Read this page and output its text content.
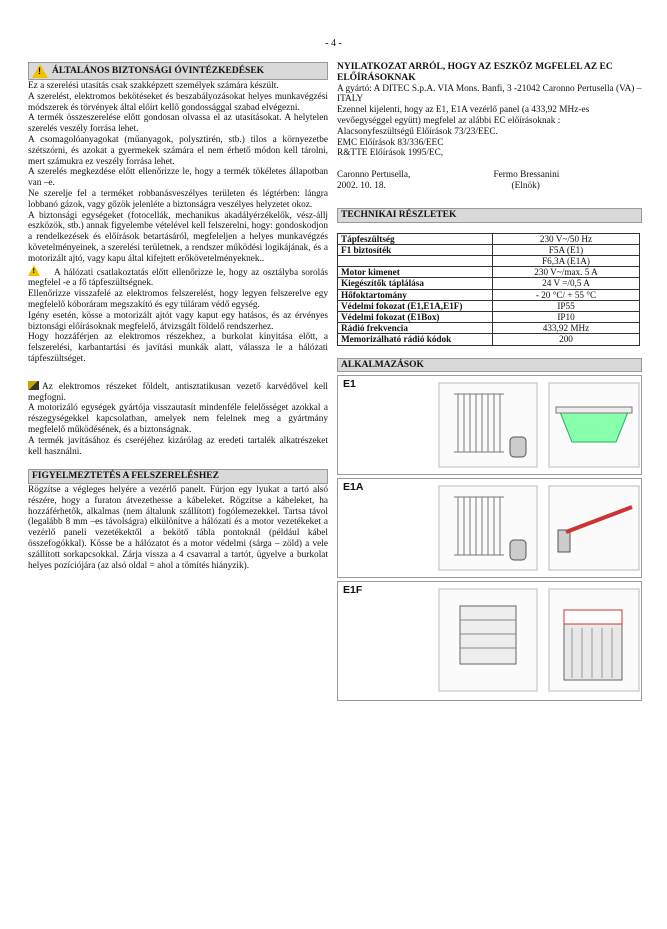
- 4 -
!
ÁLTALÁNOS BIZTONSÁGI ÓVINTÉZKEDÉSEK

Ez a szerelési utasítás csak szakképzett személyek számára készült.

A szerelést, elektromos bekötéseket és beszabályozásokat helyes munkavégzési módszerek és törvények által előírt kellő gondossággal szabad elvégezni.

A termék összeszerelése előtt gondosan olvassa el az utasításokat. A helytelen szerelés veszély forrása lehet.

A csomagolóanyagokat (műanyagok, polysztirén, stb.) tilos a környezetbe szétszórni, és azokat a gyermekek számára el nem érhető módon kell tárolni, mert számukra ez veszély forrása lehet.

A szerelés megkezdése előtt ellenőrizze le, hogy a termék tökéletes állapotban van –e.

Ne szerelje fel a terméket robbanásveszélyes területen és légtérben: lángra lobbanó gázok, vagy gőzök jelenléte a biztonságra veszélyes helyzetet okoz.

A biztonsági egységeket (fotocellák, mechanikus akadályérzékelők, vész-állj eszközök, stb.) annak figyelembe vételével kell felszerelni, hogy: gondoskodjon a rendelkezések és előírások betartásáról, megfeleljen a helyes munkavégzés követelményeinek, a szerelési területnek, a rendszer működési logikájának, és a motorizált ajtó, vagy kapu által kifejtett erőkövetelményeknek..

!A hálózati csatlakoztatás előtt ellenőrizze le, hogy az osztályba sorolás megfelel -e a fő tápfeszültségnek.

Ellenőrizze visszafelé az elektromos felszerelést, hogy legyen felszerelve egy megfelelő kóboráram megszakító és egy túláram védő egység.

Igény esetén, kösse a motorizált ajtót vagy kaput egy hatásos, és az érvényes biztonsági előírásoknak megfelelő, átvizsgált földelő rendszerhez.

Hogy hozzáférjen az elektromos részekhez, a burkolat kinyitása előtt, a felszerelési, karbantartási és javítási munkák alatt, válassza le a hálózati tápfeszültséget.

Az elektromos részeket földelt, antisztatikusan vezető karvédővel kell megfogni.

A motorizáló egységek gyártója visszautasít mindenféle felelősséget azokkal a részegységekkel kapcsolatban, amelyek nem felelnek meg a gyártmány megfelelő működésének, és a biztonságnak.

A termék javításához és cseréjéhez kizárólag az eredeti tartalék alkatrészeket kell használni.

FIGYELMEZTETÉS A FELSZERELÉSHEZ

Rögzítse a végleges helyére a vezérlő panelt. Fúrjon egy lyukat a tartó alsó részére, hogy a furaton átvezethesse a kábeleket. Rögzítse a kábeleket, ha hozzáférhetők, alkalmas (nem általunk szállított) fogólemezekkel. Tartsa távol (legalább 8 mm –es távolságra) elkülönítve a hálózati és a motor vezetékeket a vezérlő paneli vezetékektől a bekötő tábla pontoknál (például kábel összefogókkal). Kösse be a hálózatot és a motor védelmi (sárga – zöld) a vele szállított sorkapcsokkal. Zárja vissza a 4 csavarral a tartót, ügyelve a burkolat helyes pozíciójára (az alsó oldal = ahol a tömítés hiányzik).

NYILATKOZAT ARRÓL, HOGY AZ ESZKÖZ MGFELEL AZ EC ELŐÍRÁSOKNAK

A gyártó: A DITEC S.p.A. VIA Mons. Banfi, 3 -21042 Caronno Pertusella (VA) – ITALY

Ezennel kijelenti, hogy az E1, E1A vezérlő panel (a 433,92 MHz-es vevőegységgel együtt) megfelel az alábbi EC előírásoknak :

Alacsonyfeszültségű Előírások 73/23/EEC.

EMC Előírások 83/336/EEC

R&TTE Előírások 1995/EC,

Caronno Pertusella,
2002. 10. 18.
Fermo Bressanini
(Elnök)
TECHNIKAI RÉSZLETEK
Tápfeszültség	230 V~/50 Hz
F1 biztosíték	F5A (E1)
	F6,3A (E1A)
Motor kimenet	230 V~/max. 5 A
Kiegészítők táplálása	24 V =/0,5 A
Hőfoktartomány	- 20 °C/ + 55 °C
Védelmi fokozat (E1,E1A,E1F)	IP55
Védelmi fokozat (E1Box)	IP10
Rádió frekvencia	433,92 MHz
Memorizálható rádió kódok	200
ALKALMAZÁSOK
E1
E1A
E1F
